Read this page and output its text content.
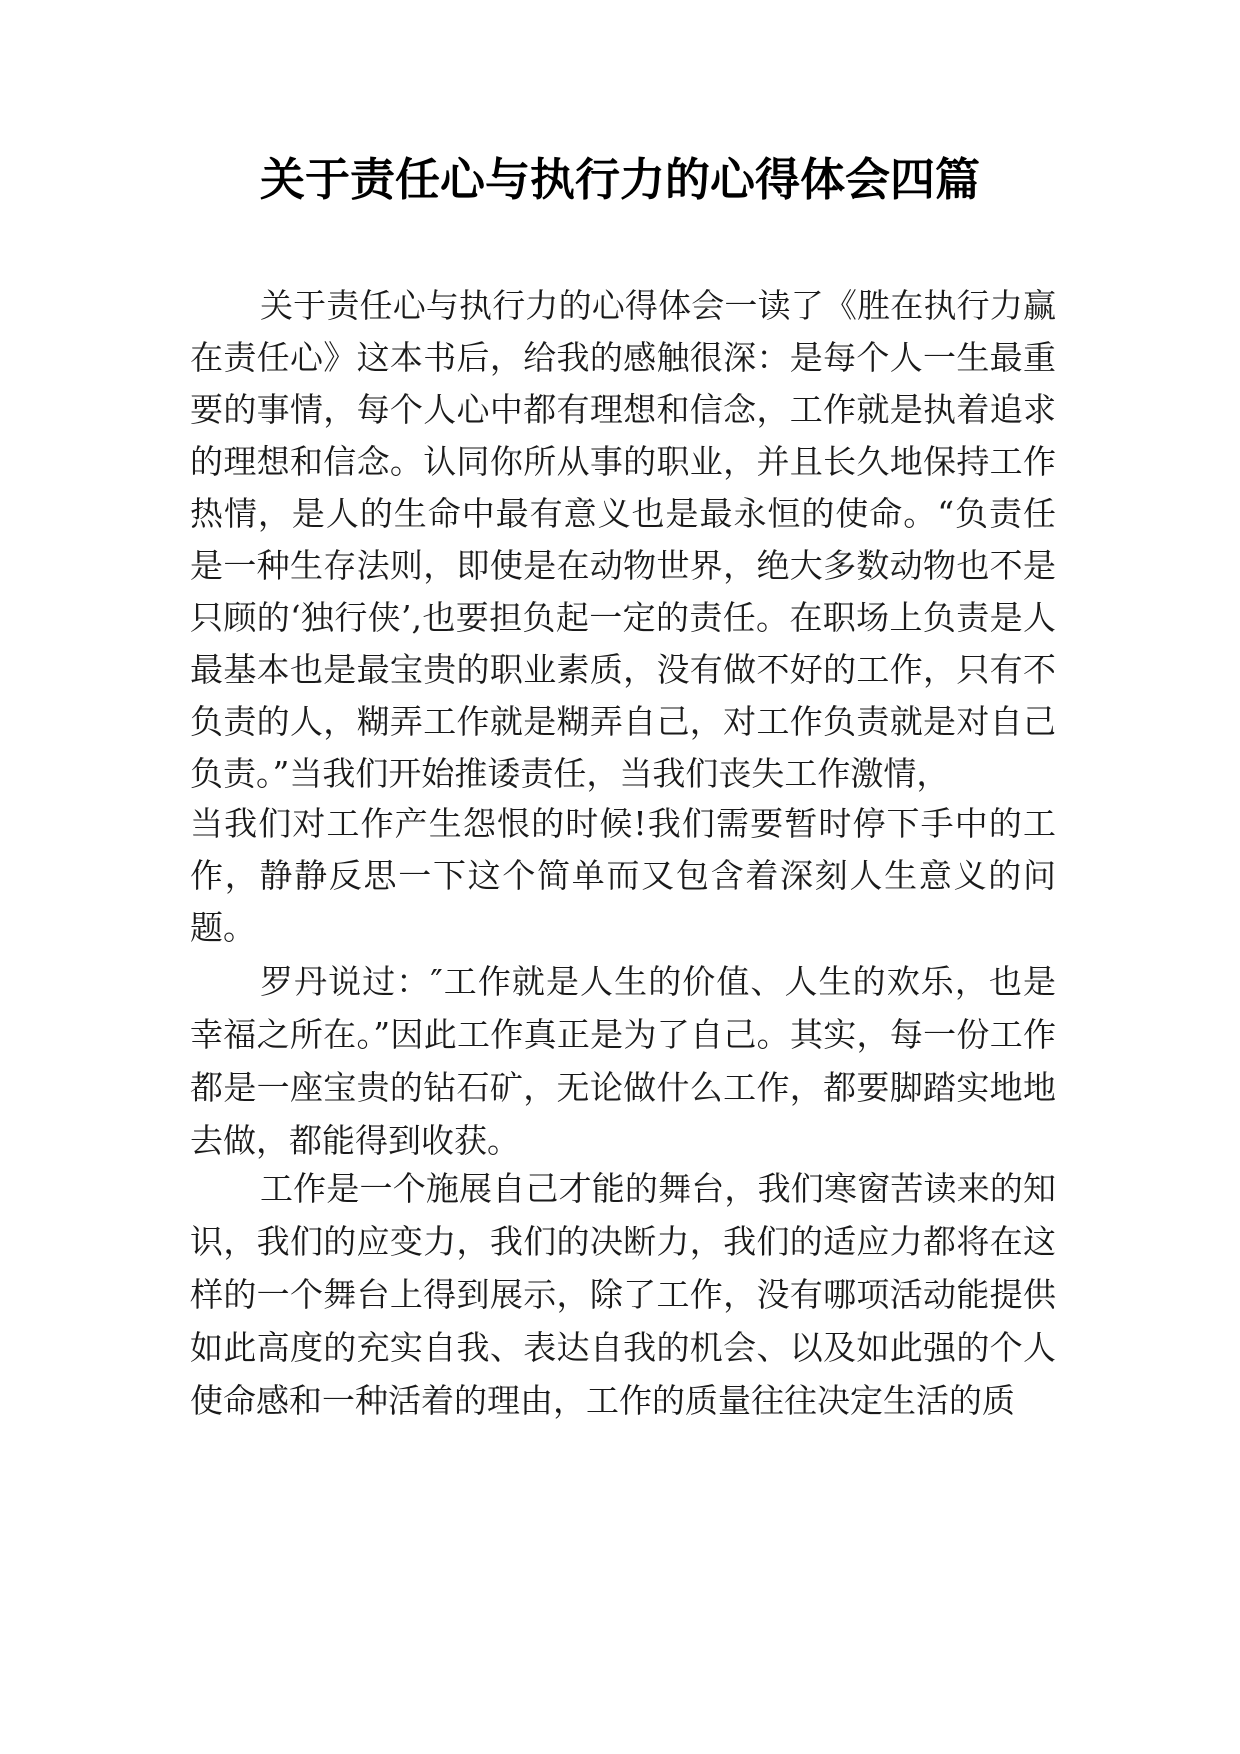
关于责任心与执行力的心得体会四篇

关于责任心与执行力的心得体会一读了《胜在执行力赢在责任心》这本书后，给我的感触很深：是每个人一生最重要的事情，每个人心中都有理想和信念，工作就是执着追求的理想和信念。认同你所从事的职业，并且长久地保持工作热情，是人的生命中最有意义也是最永恒的使命。“负责任是一种生存法则，即使是在动物世界，绝大多数动物也不是只顾的‘独行侠’,也要担负起一定的责任。在职场上负责是人最基本也是最宝贵的职业素质，没有做不好的工作，只有不负责的人，糊弄工作就是糊弄自己，对工作负责就是对自己负责。”当我们开始推诿责任，当我们丧失工作激情，

当我们对工作产生怨恨的时候!我们需要暂时停下手中的工作，静静反思一下这个简单而又包含着深刻人生意义的问题。

罗丹说过：″工作就是人生的价值、人生的欢乐，也是幸福之所在。”因此工作真正是为了自己。其实，每一份工作都是一座宝贵的钻石矿，无论做什么工作，都要脚踏实地地去做，都能得到收获。

工作是一个施展自己才能的舞台，我们寒窗苦读来的知识，我们的应变力，我们的决断力，我们的适应力都将在这样的一个舞台上得到展示，除了工作，没有哪项活动能提供如此高度的充实自我、表达自我的机会、以及如此强的个人使命感和一种活着的理由，工作的质量往往决定生活的质
